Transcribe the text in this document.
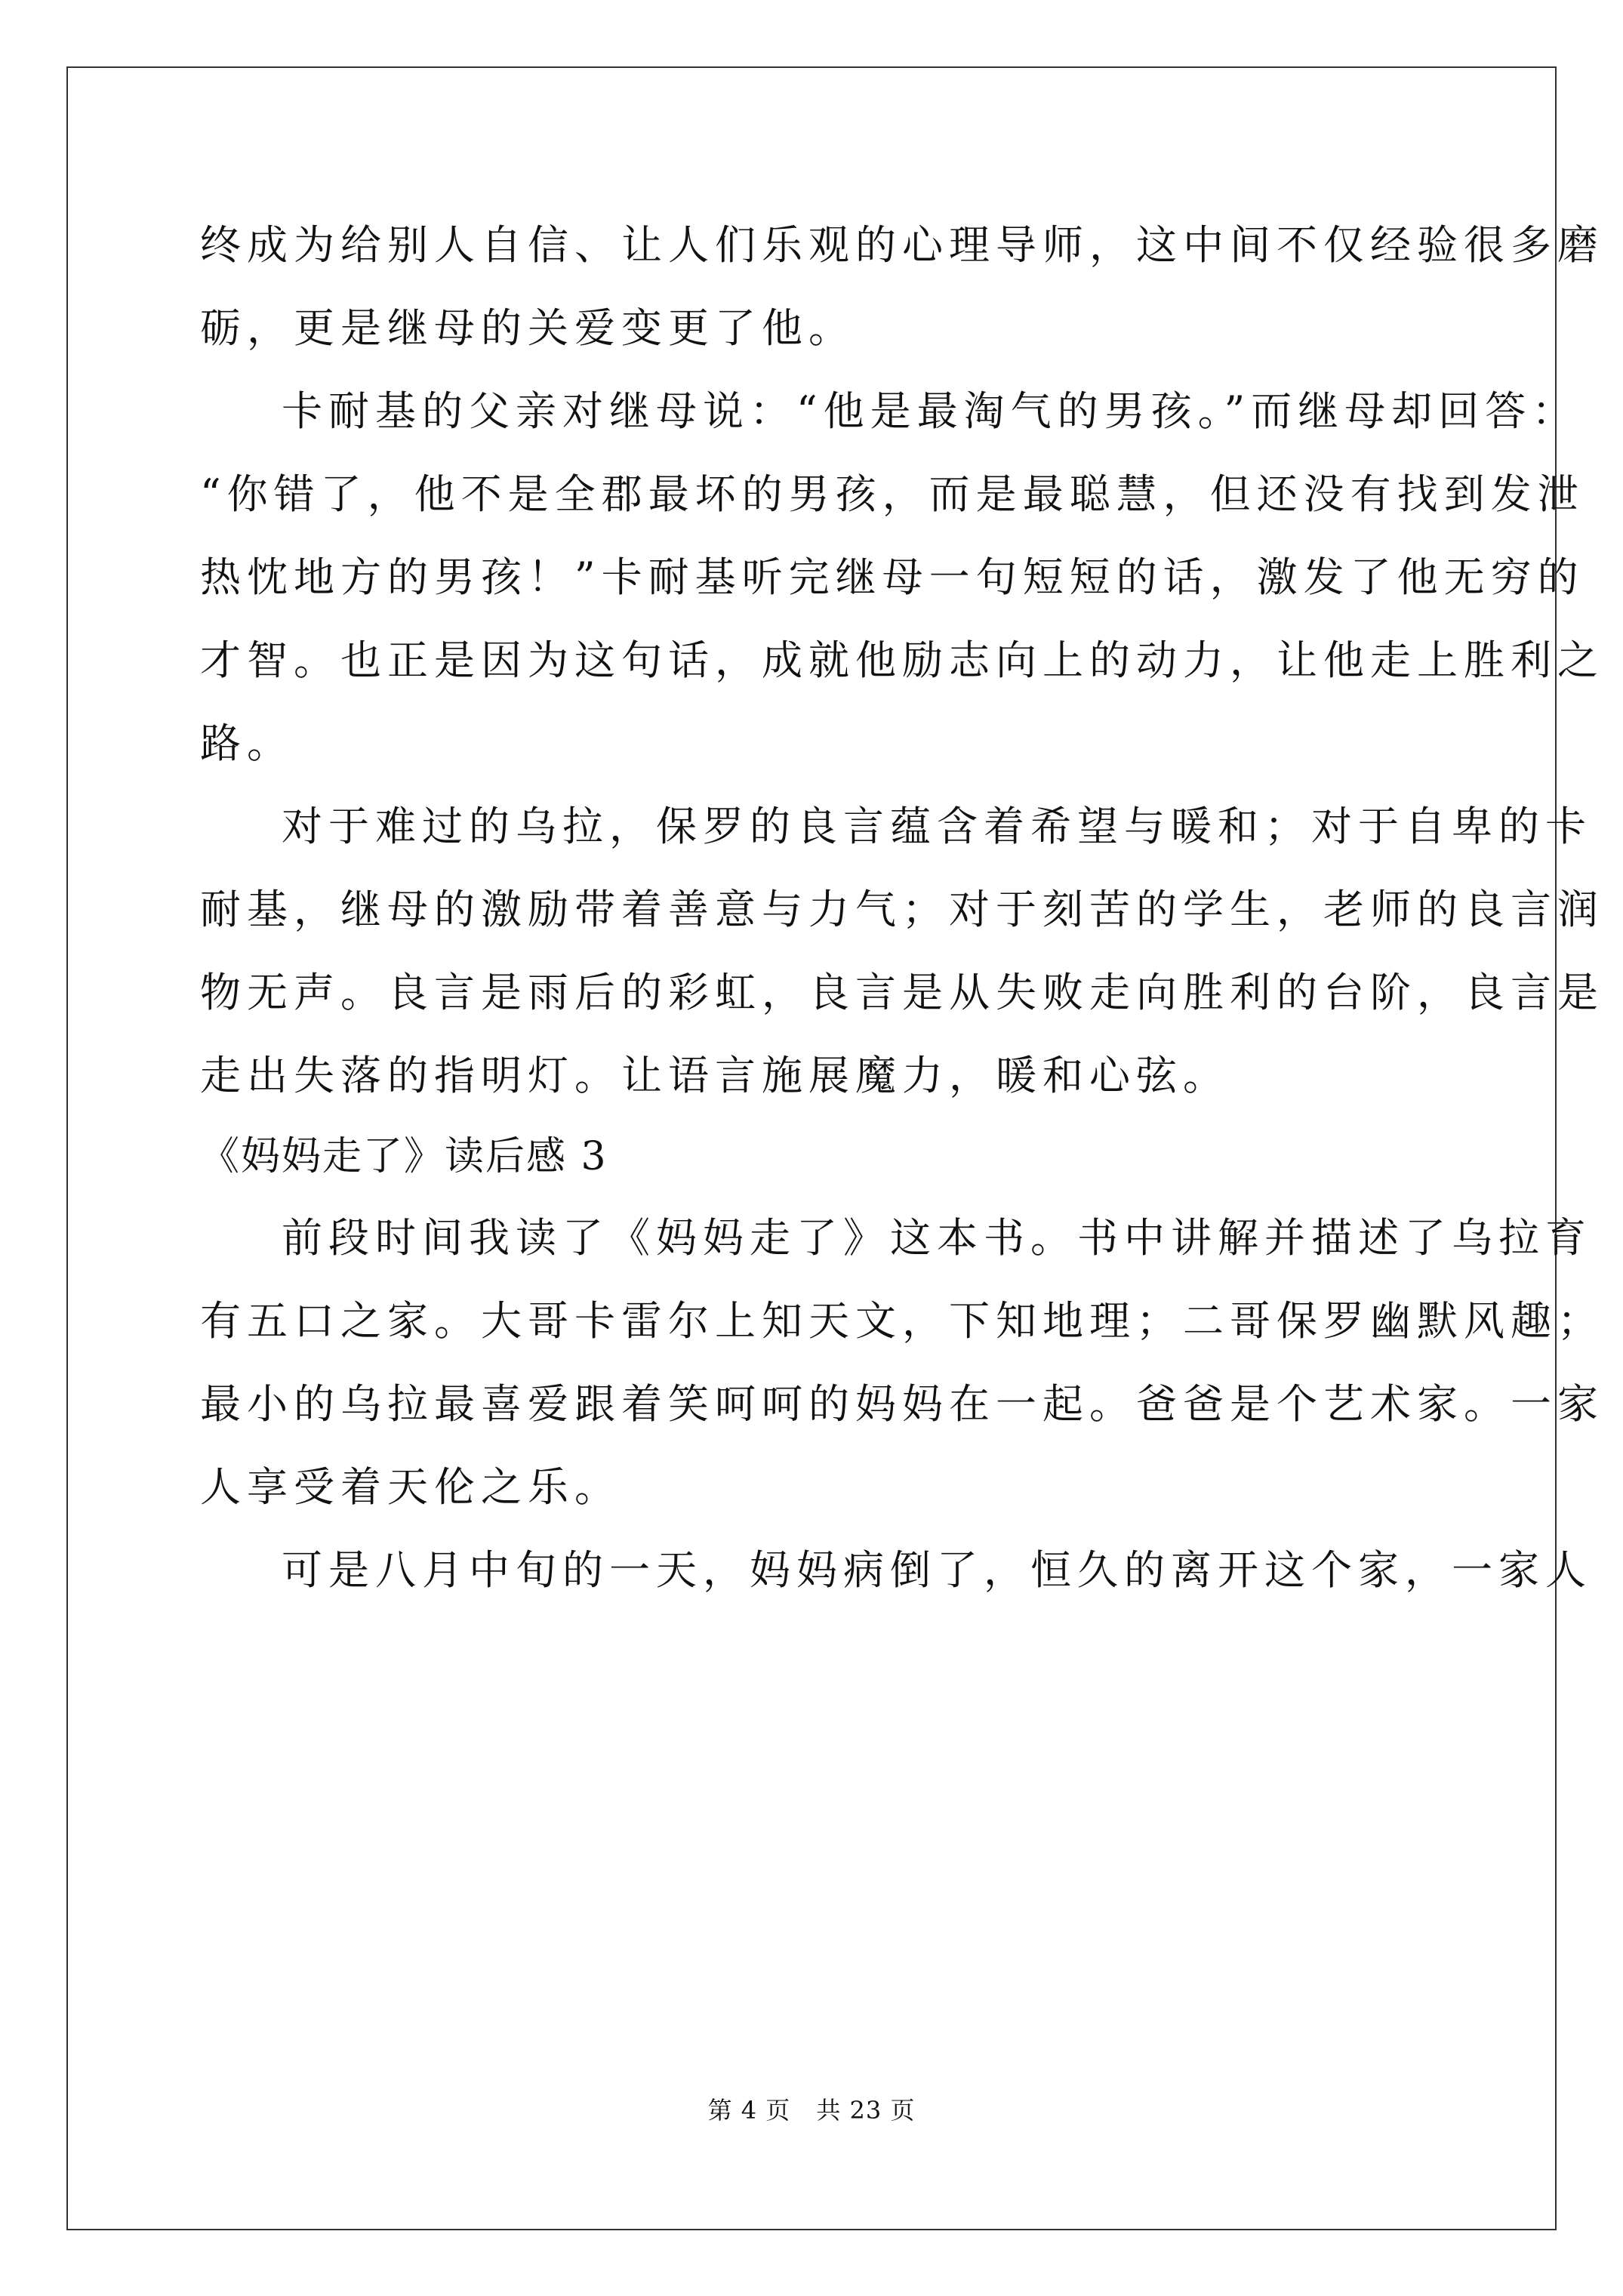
终成为给别人自信、让人们乐观的心理导师，这中间不仅经验很多磨
砺，更是继母的关爱变更了他。
卡耐基的父亲对继母说：“他是最淘气的男孩。”而继母却回答：
“你错了，他不是全郡最坏的男孩，而是最聪慧，但还没有找到发泄
热忱地方的男孩！”卡耐基听完继母一句短短的话，激发了他无穷的
才智。也正是因为这句话，成就他励志向上的动力，让他走上胜利之
路。
对于难过的乌拉，保罗的良言蕴含着希望与暖和；对于自卑的卡
耐基，继母的激励带着善意与力气；对于刻苦的学生，老师的良言润
物无声。良言是雨后的彩虹，良言是从失败走向胜利的台阶，良言是
走出失落的指明灯。让语言施展魔力，暖和心弦。
《妈妈走了》读后感 3
前段时间我读了《妈妈走了》这本书。书中讲解并描述了乌拉育
有五口之家。大哥卡雷尔上知天文，下知地理；二哥保罗幽默风趣；
最小的乌拉最喜爱跟着笑呵呵的妈妈在一起。爸爸是个艺术家。一家
人享受着天伦之乐。
可是八月中旬的一天，妈妈病倒了，恒久的离开这个家，一家人
第 4 页 共 23 页
